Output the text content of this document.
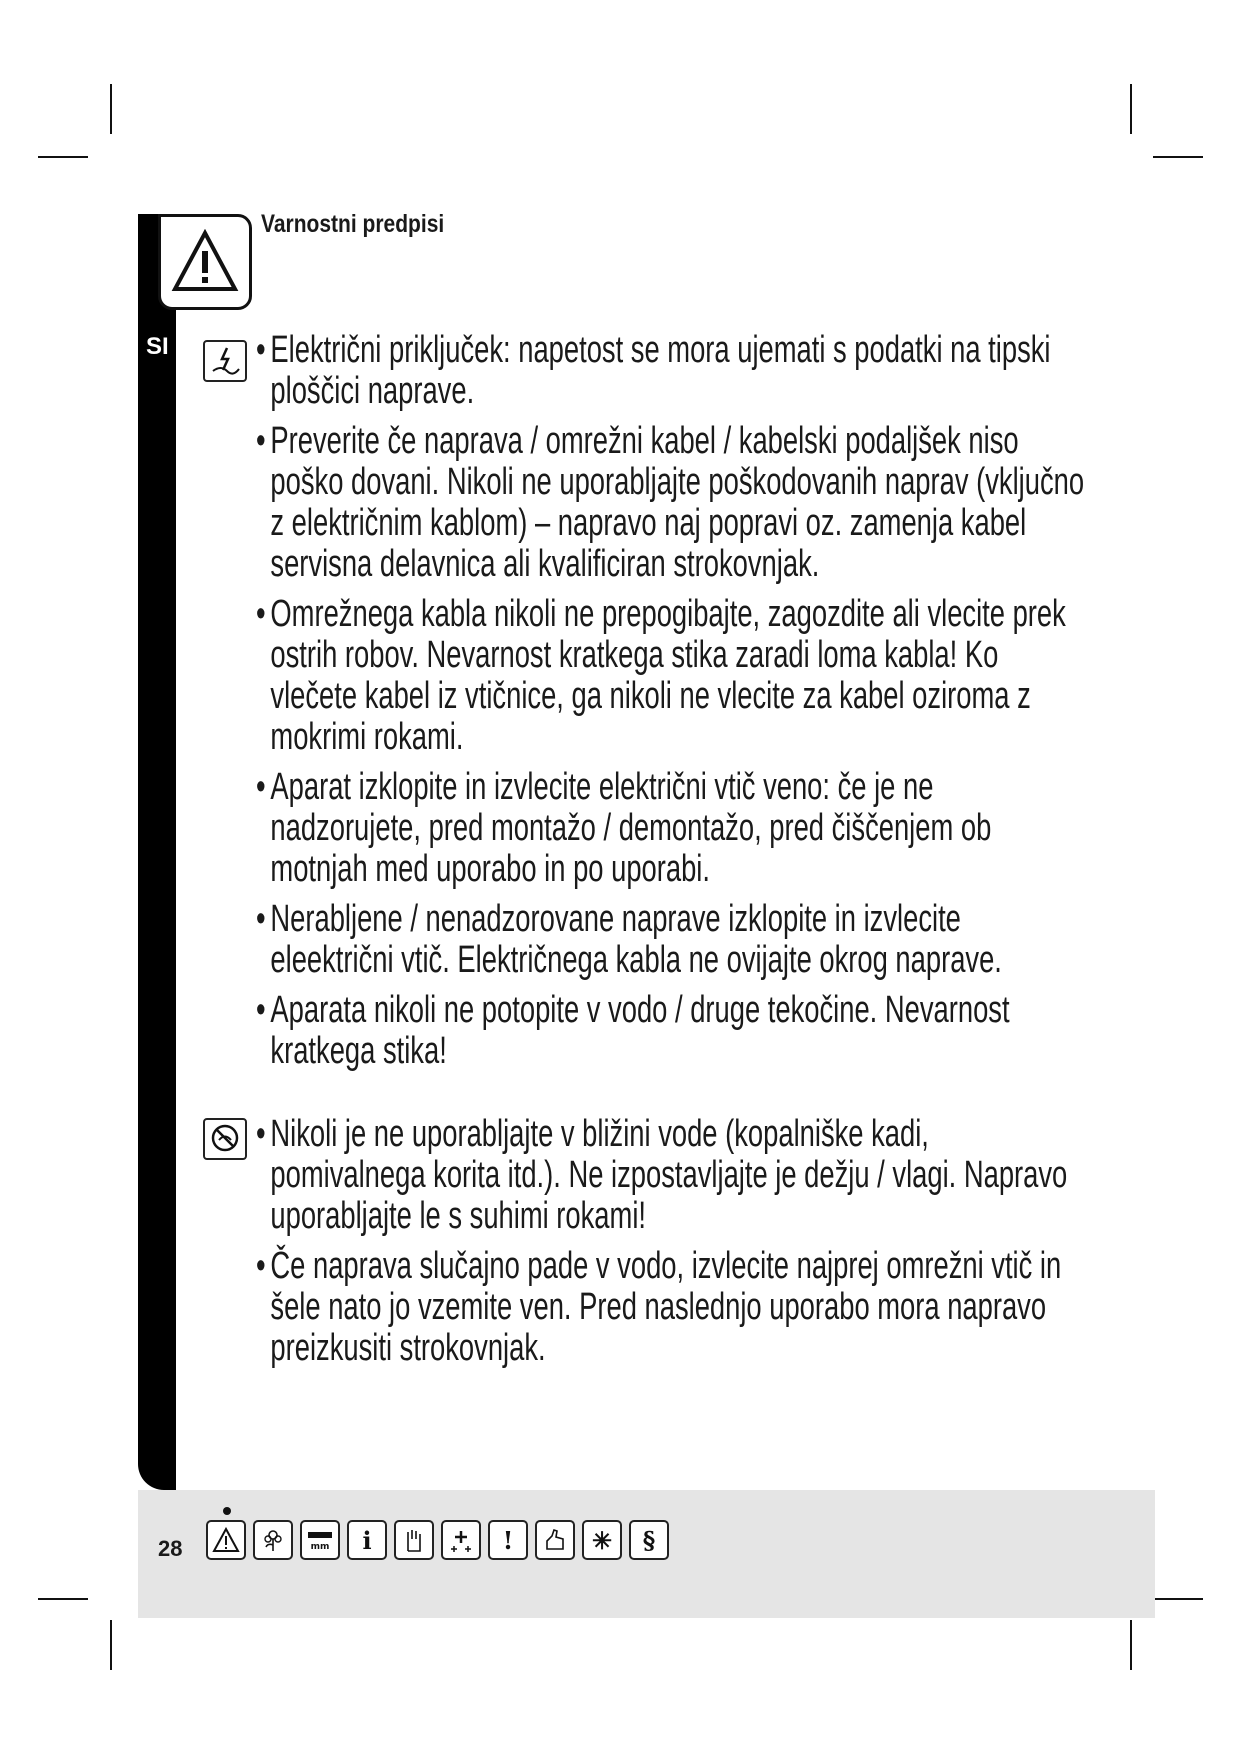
SI
Varnostni predpisi
• Električni priključek: napetost se mora ujemati s podatki na tipski ploščici naprave.
• Preverite če naprava / omrežni kabel / kabelski podaljšek niso poško dovani. Nikoli ne uporabljajte poškodovanih naprav (vključno z električnim kablom) – napravo naj popravi oz. zamenja kabel servisna delavnica ali kvalificiran strokovnjak.
• Omrežnega kabla nikoli ne prepogibajte, zagozdite ali vlecite prek ostrih robov. Nevarnost kratkega stika zaradi loma kabla! Ko vlečete kabel iz vtičnice, ga nikoli ne vlecite za kabel oziroma z mokrimi rokami.
• Aparat izklopite in izvlecite električni vtič veno: če je ne nadzorujete, pred montažo / demontažo, pred čiščenjem ob motnjah med uporabo in po uporabi.
• Nerabljene / nenadzorovane naprave izklopite in izvlecite eleektrični vtič. Električnega kabla ne ovijajte okrog naprave.
• Aparata nikoli ne potopite v vodo / druge tekočine. Nevarnost kratkega stika!
• Nikoli je ne uporabljajte v bližini vode (kopalniške kadi, pomivalnega korita itd.). Ne izpostavljajte je dežju / vlagi. Napravo uporabljajte le s suhimi rokami!
• Če naprava slučajno pade v vodo, izvlecite najprej omrežni vtič in šele nato jo vzemite ven. Pred naslednjo uporabo mora napravo preizkusiti strokovnjak.
28	mm	i	!	✳	§
